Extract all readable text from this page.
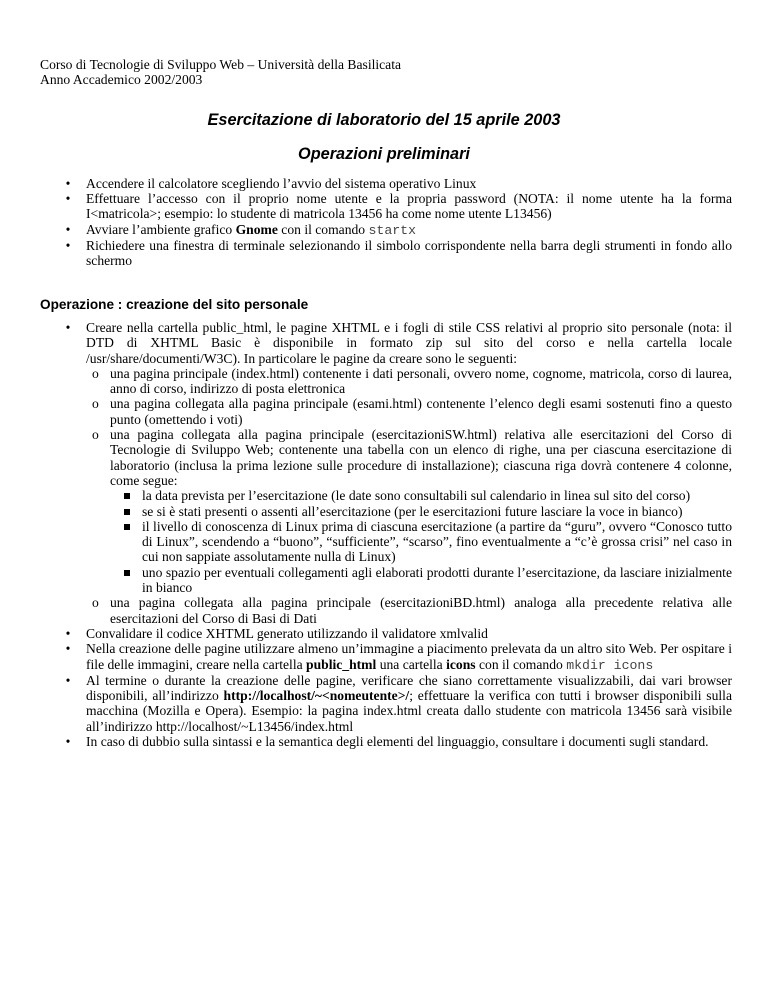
Corso di Tecnologie di Sviluppo Web – Università della Basilicata
Anno Accademico 2002/2003
Esercitazione di laboratorio del 15 aprile 2003
Operazioni preliminari
• Accendere il calcolatore scegliendo l’avvio del sistema operativo Linux
• Effettuare l’accesso con il proprio nome utente e la propria password (NOTA: il nome utente ha la forma I<matricola>; esempio: lo studente di matricola 13456 ha come nome utente L13456)
• Avviare l’ambiente grafico Gnome con il comando startx
• Richiedere una finestra di terminale selezionando il simbolo corrispondente nella barra degli strumenti in fondo allo schermo
Operazione : creazione del sito personale
• Creare nella cartella public_html, le pagine XHTML e i fogli di stile CSS relativi al proprio sito personale (nota: il DTD di XHTML Basic è disponibile in formato zip sul sito del corso e nella cartella locale /usr/share/documenti/W3C). In particolare le pagine da creare sono le seguenti:
o una pagina principale (index.html) contenente i dati personali, ovvero nome, cognome, matricola, corso di laurea, anno di corso, indirizzo di posta elettronica
o una pagina collegata alla pagina principale (esami.html) contenente l’elenco degli esami sostenuti fino a questo punto (omettendo i voti)
o una pagina collegata alla pagina principale (esercitazioniSW.html) relativa alle esercitazioni del Corso di Tecnologie di Sviluppo Web; contenente una tabella con un elenco di righe, una per ciascuna esercitazione di laboratorio (inclusa la prima lezione sulle procedure di installazione); ciascuna riga dovrà contenere 4 colonne, come segue:
la data prevista per l’esercitazione (le date sono consultabili sul calendario in linea sul sito del corso)
se si è stati presenti o assenti all’esercitazione (per le esercitazioni future lasciare la voce in bianco)
il livello di conoscenza di Linux prima di ciascuna esercitazione (a partire da “guru”, ovvero “Conosco tutto di Linux”, scendendo a “buono”, “sufficiente”, “scarso”, fino eventualmente a “c’è grossa crisi” nel caso in cui non sappiate assolutamente nulla di Linux)
uno spazio per eventuali collegamenti agli elaborati prodotti durante l’esercitazione, da lasciare inizialmente in bianco
o una pagina collegata alla pagina principale (esercitazioniBD.html) analoga alla precedente relativa alle esercitazioni del Corso di Basi di Dati
• Convalidare il codice XHTML generato utilizzando il validatore xmlvalid
• Nella creazione delle pagine utilizzare almeno un’immagine a piacimento prelevata da un altro sito Web. Per ospitare i file delle immagini, creare nella cartella public_html una cartella icons con il comando mkdir icons
• Al termine o durante la creazione delle pagine, verificare che siano correttamente visualizzabili, dai vari browser disponibili, all’indirizzo http://localhost/~<nomeutente>/; effettuare la verifica con tutti i browser disponibili sulla macchina (Mozilla e Opera). Esempio: la pagina index.html creata dallo studente con matricola 13456 sarà visibile all’indirizzo http://localhost/~L13456/index.html
• In caso di dubbio sulla sintassi e la semantica degli elementi del linguaggio, consultare i documenti sugli standard.
